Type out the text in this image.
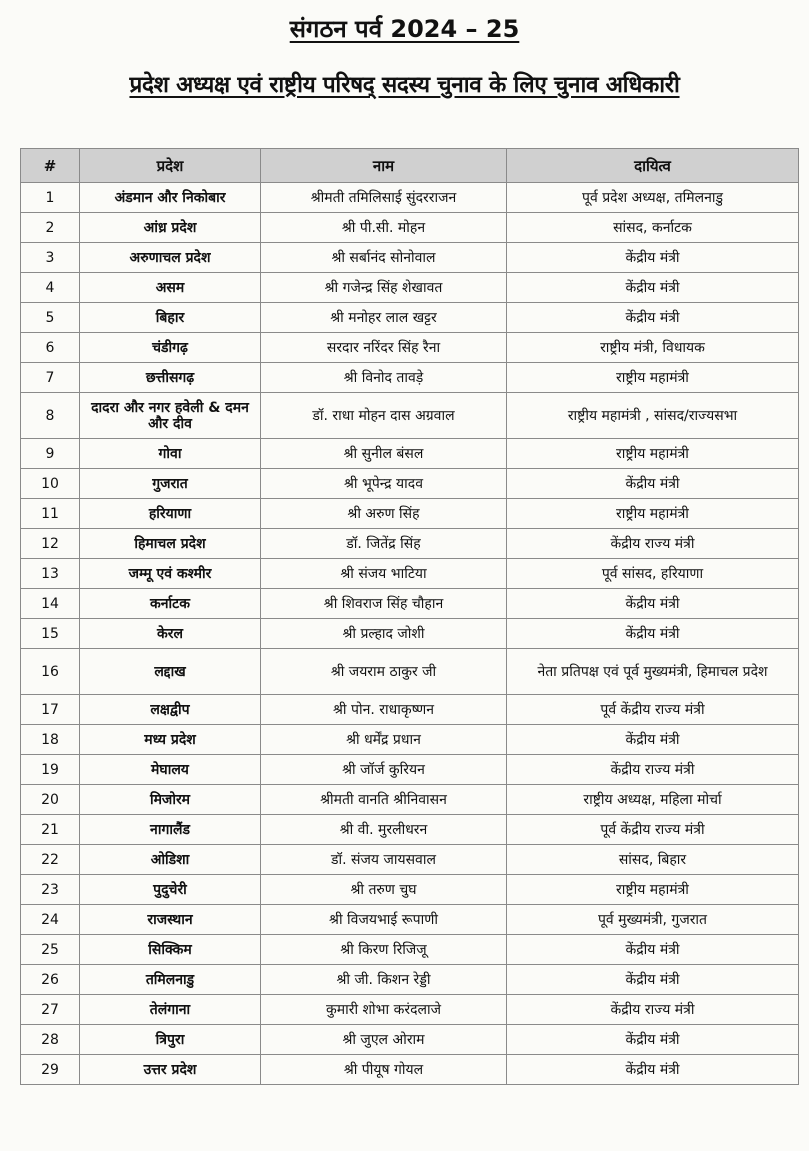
संगठन पर्व 2024 – 25
प्रदेश अध्यक्ष एवं राष्ट्रीय परिषद् सदस्य चुनाव के लिए चुनाव अधिकारी
#	प्रदेश	नाम	दायित्व
1	अंडमान और निकोबार	श्रीमती तमिलिसाई सुंदरराजन	पूर्व प्रदेश अध्यक्ष, तमिलनाडु
2	आंध्र प्रदेश	श्री पी.सी. मोहन	सांसद, कर्नाटक
3	अरुणाचल प्रदेश	श्री सर्बानंद सोनोवाल	केंद्रीय मंत्री
4	असम	श्री गजेन्द्र सिंह शेखावत	केंद्रीय मंत्री
5	बिहार	श्री मनोहर लाल खट्टर	केंद्रीय मंत्री
6	चंडीगढ़	सरदार नरिंदर सिंह रैना	राष्ट्रीय मंत्री, विधायक
7	छत्तीसगढ़	श्री विनोद तावड़े	राष्ट्रीय महामंत्री
8	दादरा और नगर हवेली & दमन और दीव	डॉ. राधा मोहन दास अग्रवाल	राष्ट्रीय महामंत्री , सांसद/राज्यसभा
9	गोवा	श्री सुनील बंसल	राष्ट्रीय महामंत्री
10	गुजरात	श्री भूपेन्द्र यादव	केंद्रीय मंत्री
11	हरियाणा	श्री अरुण सिंह	राष्ट्रीय महामंत्री
12	हिमाचल प्रदेश	डॉ. जितेंद्र सिंह	केंद्रीय राज्य मंत्री
13	जम्मू एवं कश्मीर	श्री संजय भाटिया	पूर्व सांसद, हरियाणा
14	कर्नाटक	श्री शिवराज सिंह चौहान	केंद्रीय मंत्री
15	केरल	श्री प्रल्हाद जोशी	केंद्रीय मंत्री
16	लद्दाख	श्री जयराम ठाकुर जी	नेता प्रतिपक्ष एवं पूर्व मुख्यमंत्री, हिमाचल प्रदेश
17	लक्षद्वीप	श्री पोन. राधाकृष्णन	पूर्व केंद्रीय राज्य मंत्री
18	मध्य प्रदेश	श्री धर्मेंद्र प्रधान	केंद्रीय मंत्री
19	मेघालय	श्री जॉर्ज कुरियन	केंद्रीय राज्य मंत्री
20	मिजोरम	श्रीमती वानति श्रीनिवासन	राष्ट्रीय अध्यक्ष, महिला मोर्चा
21	नागालैंड	श्री वी. मुरलीधरन	पूर्व केंद्रीय राज्य मंत्री
22	ओडिशा	डॉ. संजय जायसवाल	सांसद, बिहार
23	पुदुचेरी	श्री तरुण चुघ	राष्ट्रीय महामंत्री
24	राजस्थान	श्री विजयभाई रूपाणी	पूर्व मुख्यमंत्री, गुजरात
25	सिक्किम	श्री किरण रिजिजू	केंद्रीय मंत्री
26	तमिलनाडु	श्री जी. किशन रेड्डी	केंद्रीय मंत्री
27	तेलंगाना	कुमारी शोभा करंदलाजे	केंद्रीय राज्य मंत्री
28	त्रिपुरा	श्री जुएल ओराम	केंद्रीय मंत्री
29	उत्तर प्रदेश	श्री पीयूष गोयल	केंद्रीय मंत्री
